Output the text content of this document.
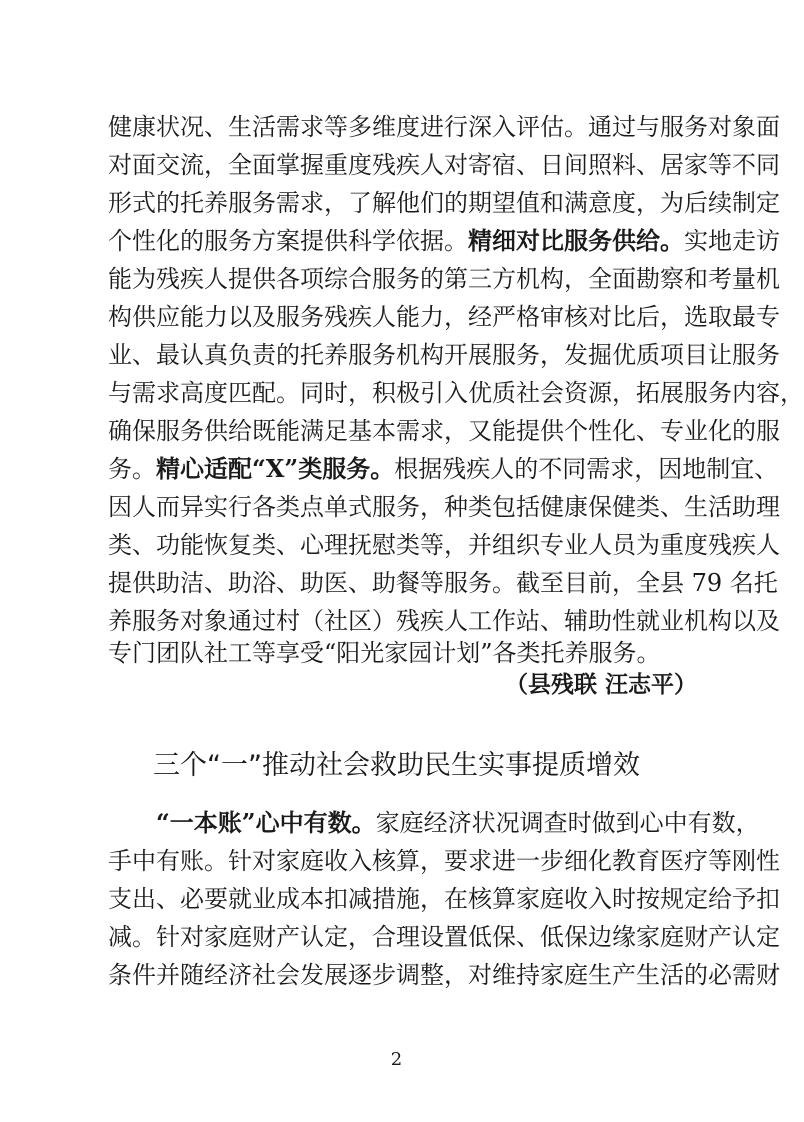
健康状况、生活需求等多维度进行深入评估。通过与服务对象面
对面交流，全面掌握重度残疾人对寄宿、日间照料、居家等不同
形式的托养服务需求，了解他们的期望值和满意度，为后续制定
个性化的服务方案提供科学依据。精细对比服务供给。实地走访
能为残疾人提供各项综合服务的第三方机构，全面勘察和考量机
构供应能力以及服务残疾人能力，经严格审核对比后，选取最专
业、最认真负责的托养服务机构开展服务，发掘优质项目让服务
与需求高度匹配。同时，积极引入优质社会资源，拓展服务内容，
确保服务供给既能满足基本需求，又能提供个性化、专业化的服
务。精心适配“X”类服务。根据残疾人的不同需求，因地制宜、
因人而异实行各类点单式服务，种类包括健康保健类、生活助理
类、功能恢复类、心理抚慰类等，并组织专业人员为重度残疾人
提供助洁、助浴、助医、助餐等服务。截至目前，全县 79 名托
养服务对象通过村（社区）残疾人工作站、辅助性就业机构以及
专门团队社工等享受“阳光家园计划”各类托养服务。
（县残联 汪志平）
三个“一”推动社会救助民生实事提质增效
“一本账”心中有数。家庭经济状况调查时做到心中有数，
手中有账。针对家庭收入核算，要求进一步细化教育医疗等刚性
支出、必要就业成本扣减措施，在核算家庭收入时按规定给予扣
减。针对家庭财产认定，合理设置低保、低保边缘家庭财产认定
条件并随经济社会发展逐步调整，对维持家庭生产生活的必需财
2
